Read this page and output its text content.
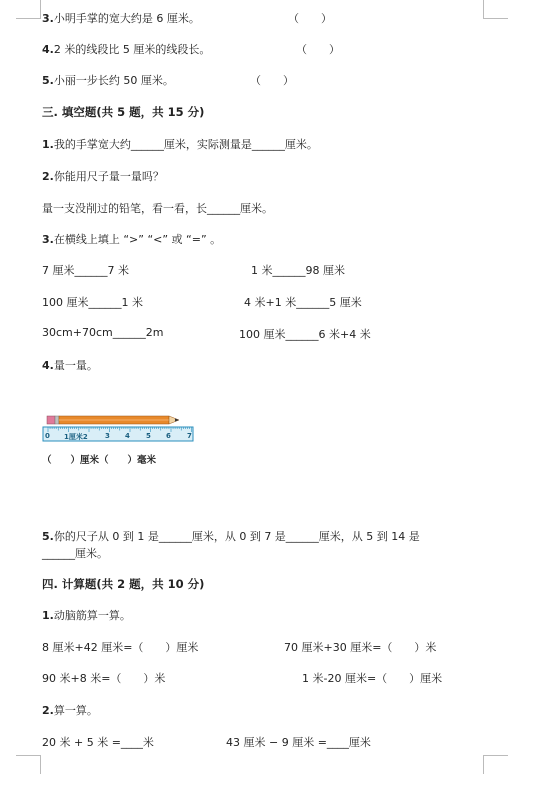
3.小明手掌的宽大约是 6 厘米。	（　　）
4.2 米的线段比 5 厘米的线段长。	（　　）
5.小丽一步长约 50 厘米。	（　　）
三. 填空题(共 5 题，共 15 分)
1.我的手掌宽大约______厘米，实际测量是______厘米。
2.你能用尺子量一量吗？
量一支没削过的铅笔，看一看，长______厘米。
3.在横线上填上 “>” “<” 或 “=” 。
7 厘米______7 米	1 米______98 厘米
100 厘米______1 米	4 米+1 米______5 厘米
30cm+70cm______2m	100 厘米______6 米+4 米
4.量一量。
0 1厘米2 3 4 5 6 7
（　　）厘米（　　）毫米
5.你的尺子从 0 到 1 是______厘米，从 0 到 7 是______厘米，从 5 到 14 是
______厘米。
四. 计算题(共 2 题，共 10 分)
1.动脑筋算一算。
8 厘米+42 厘米=（　　）厘米	70 厘米+30 厘米=（　　）米
90 米+8 米=（　　）米	1 米-20 厘米=（　　）厘米
2.算一算。
20 米 + 5 米 =____米	43 厘米 − 9 厘米 =____厘米
